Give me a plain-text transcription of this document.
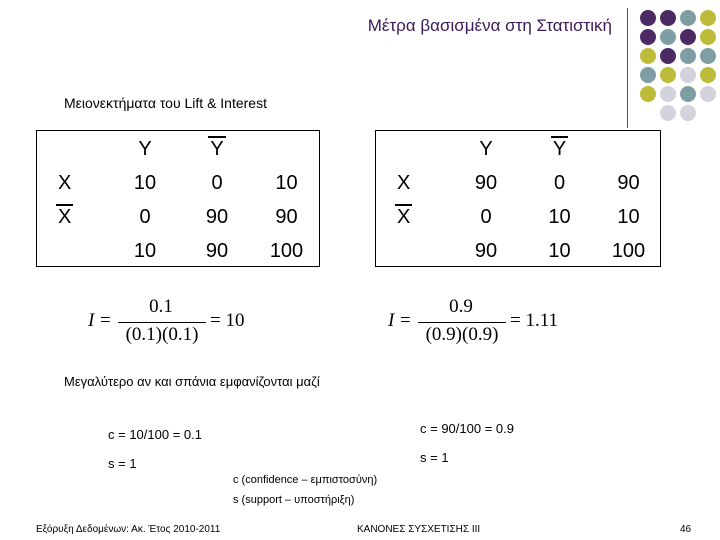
Μέτρα βασισμένα στη Στατιστική
Μειονεκτήματα του Lift & Interest
	Y	Y	
X	10	0	10
X	0	90	90
	10	90	100
	Y	Y	
X	90	0	90
X	0	10	10
	90	10	100
I =
0.1
(0.1)(0.1)
= 10	I =
0.9
(0.9)(0.9)
= 1.11
Μεγαλύτερο αν και σπάνια εμφανίζονται μαζί
c = 10/100 = 0.1
s = 1
c = 90/100 = 0.9
s = 1
c (confidence – εμπιστοσύνη)
s (support – υποστήριξη)
Εξόρυξη Δεδομένων: Ακ. Έτος 2010-2011	ΚΑΝΟΝΕΣ ΣΥΣΧΕΤΙΣΗΣ ΙΙΙ	46
